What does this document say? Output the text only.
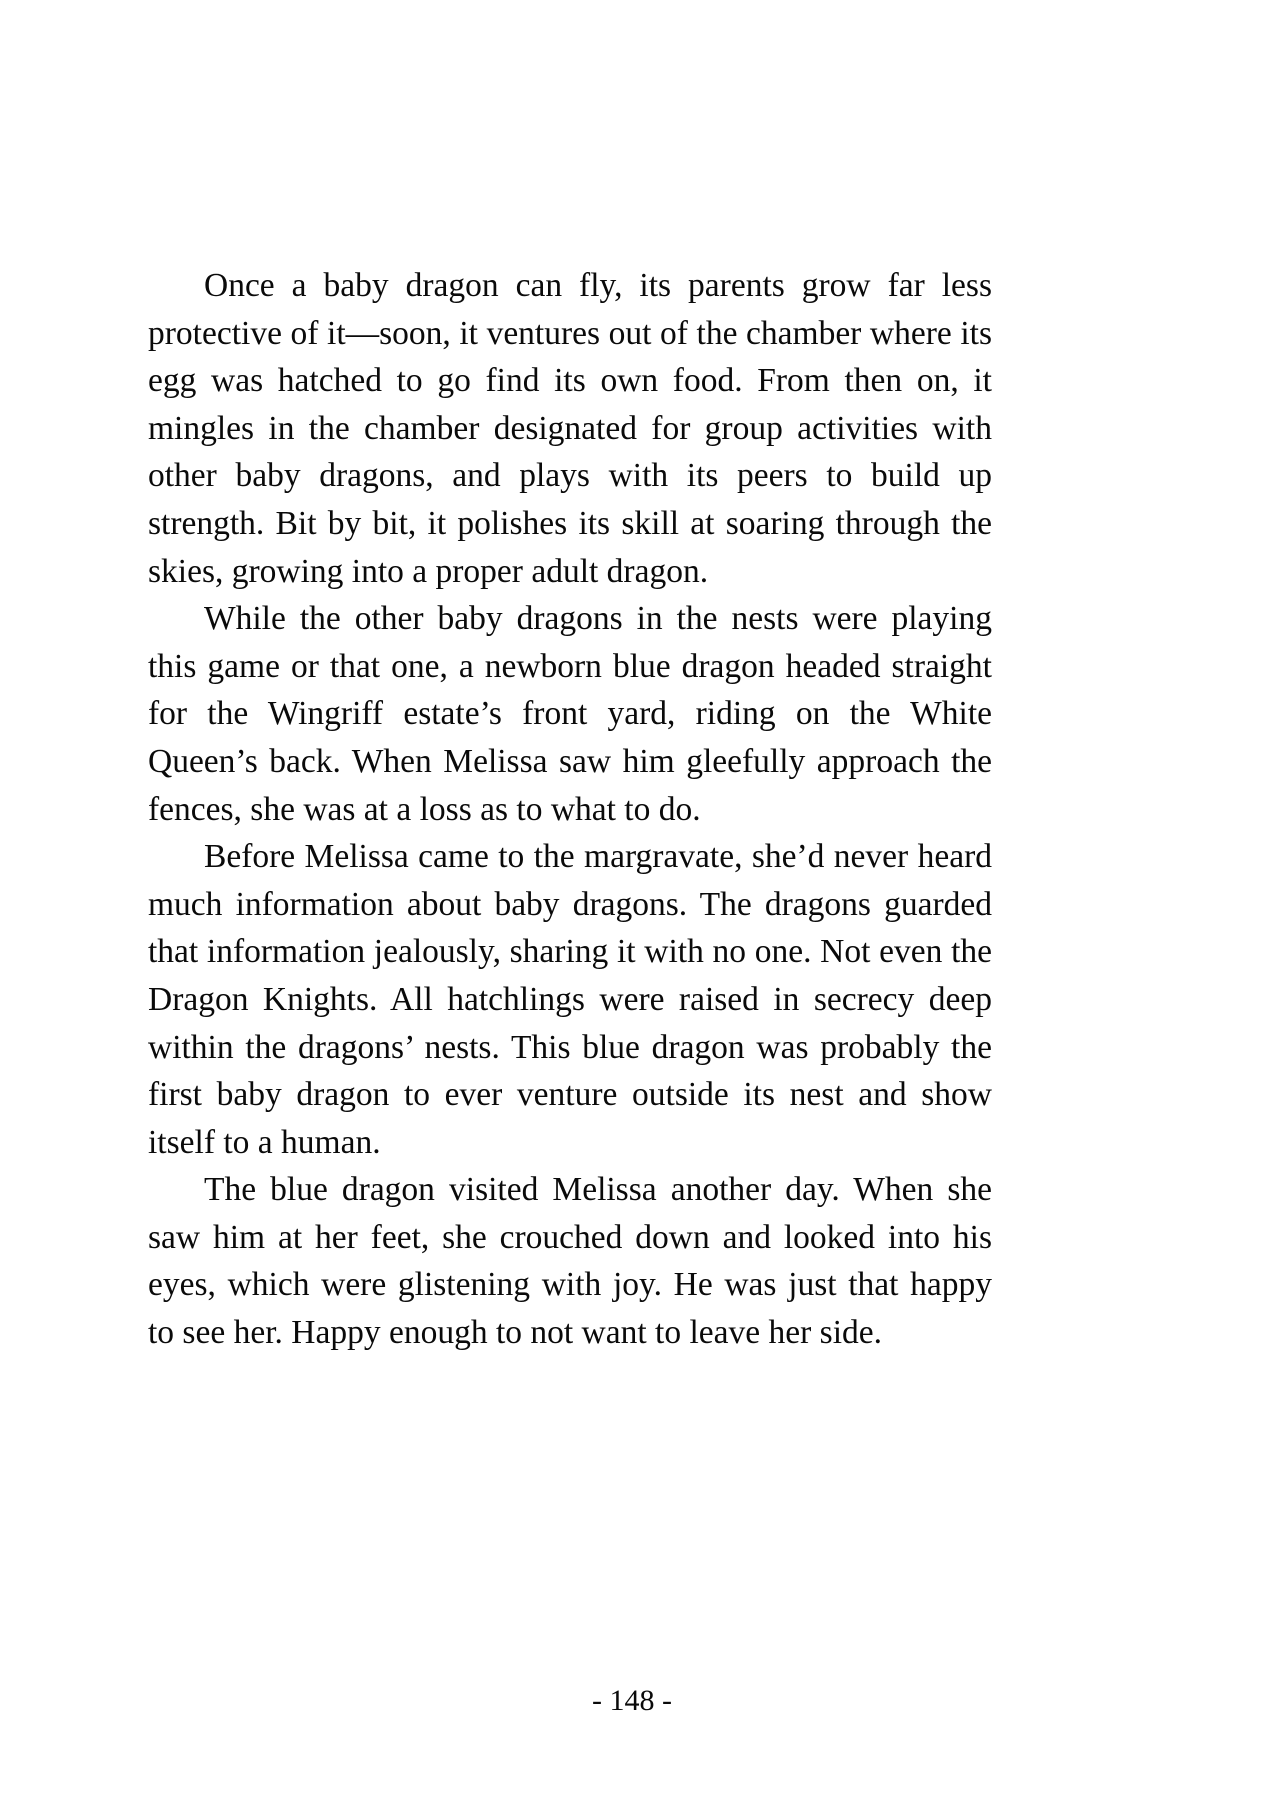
Once a baby dragon can fly, its parents grow far less protective of it—soon, it ventures out of the chamber where its egg was hatched to go find its own food. From then on, it mingles in the chamber designated for group activities with other baby dragons, and plays with its peers to build up strength. Bit by bit, it polishes its skill at soaring through the skies, growing into a proper adult dragon.

While the other baby dragons in the nests were playing this game or that one, a newborn blue dragon headed straight for the Wingriff estate’s front yard, riding on the White Queen’s back. When Melissa saw him gleefully approach the fences, she was at a loss as to what to do.

Before Melissa came to the margravate, she’d never heard much information about baby dragons. The dragons guarded that information jealously, sharing it with no one. Not even the Dragon Knights. All hatchlings were raised in secrecy deep within the dragons’ nests. This blue dragon was probably the first baby dragon to ever venture outside its nest and show itself to a human.

The blue dragon visited Melissa another day. When she saw him at her feet, she crouched down and looked into his eyes, which were glistening with joy. He was just that happy to see her. Happy enough to not want to leave her side.

- 148 -
